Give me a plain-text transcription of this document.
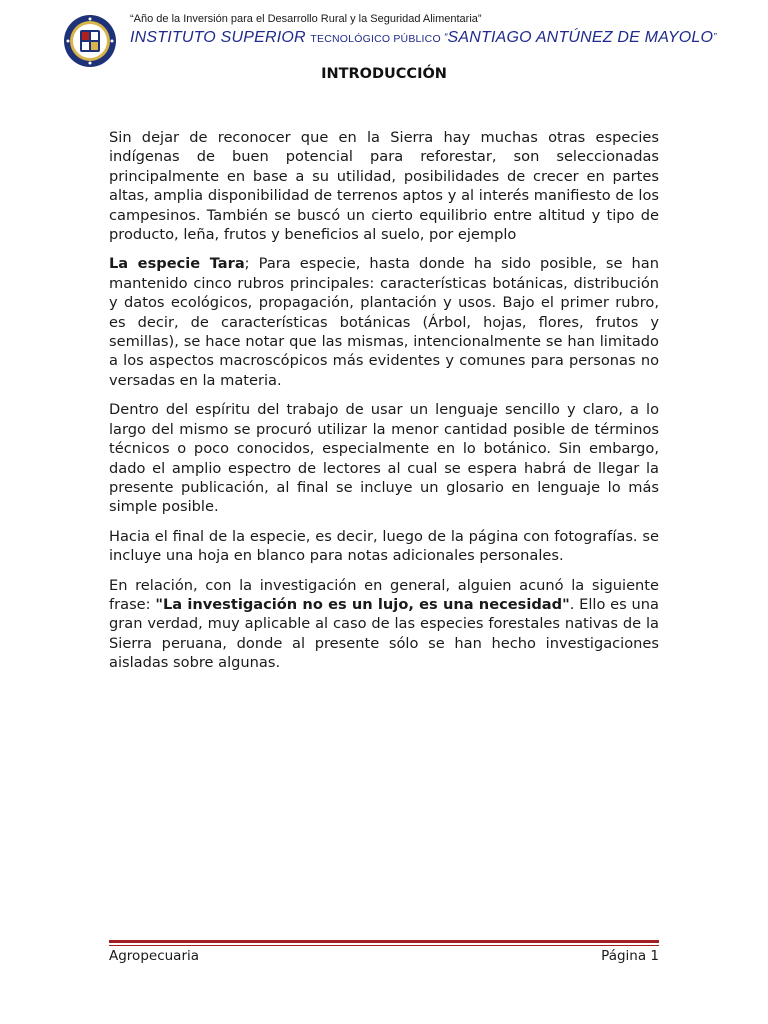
“Año de la Inversión para el Desarrollo Rural y la Seguridad Alimentaria”
INSTITUTO SUPERIOR TECNOLÓGICO PÚBLICO “SANTIAGO ANTÚNEZ DE MAYOLO”
INTRODUCCIÓN

Sin dejar de reconocer que en la Sierra hay muchas otras especies indígenas de buen potencial para reforestar, son seleccionadas principalmente en base a su utilidad, posibilidades de crecer en partes altas, amplia disponibilidad de terrenos aptos y al interés manifiesto de los campesinos. También se buscó un cierto equilibrio entre altitud y tipo de producto, leña, frutos y beneficios al suelo, por ejemplo

La especie Tara; Para especie, hasta donde ha sido posible, se han mantenido cinco rubros principales: características botánicas, distribución y datos ecológicos, propagación, plantación y usos. Bajo el primer rubro, es decir, de características botánicas (Árbol, hojas, flores, frutos y semillas), se hace notar que las mismas, intencionalmente se han limitado a los aspectos macroscópicos más evidentes y comunes para personas no versadas en la materia.

Dentro del espíritu del trabajo de usar un lenguaje sencillo y claro, a lo largo del mismo se procuró utilizar la menor cantidad posible de términos técnicos o poco conocidos, especialmente en lo botánico. Sin embargo, dado el amplio espectro de lectores al cual se espera habrá de llegar la presente publicación, al final se incluye un glosario en lenguaje lo más simple posible.

Hacia el final de la especie, es decir, luego de la página con fotografías. se incluye una hoja en blanco para notas adicionales personales.

En relación, con la investigación en general, alguien acunó la siguiente frase: "La investigación no es un lujo, es una necesidad". Ello es una gran verdad, muy aplicable al caso de las especies forestales nativas de la Sierra peruana, donde al presente sólo se han hecho investigaciones aisladas sobre algunas.

Agropecuaria	Página 1
